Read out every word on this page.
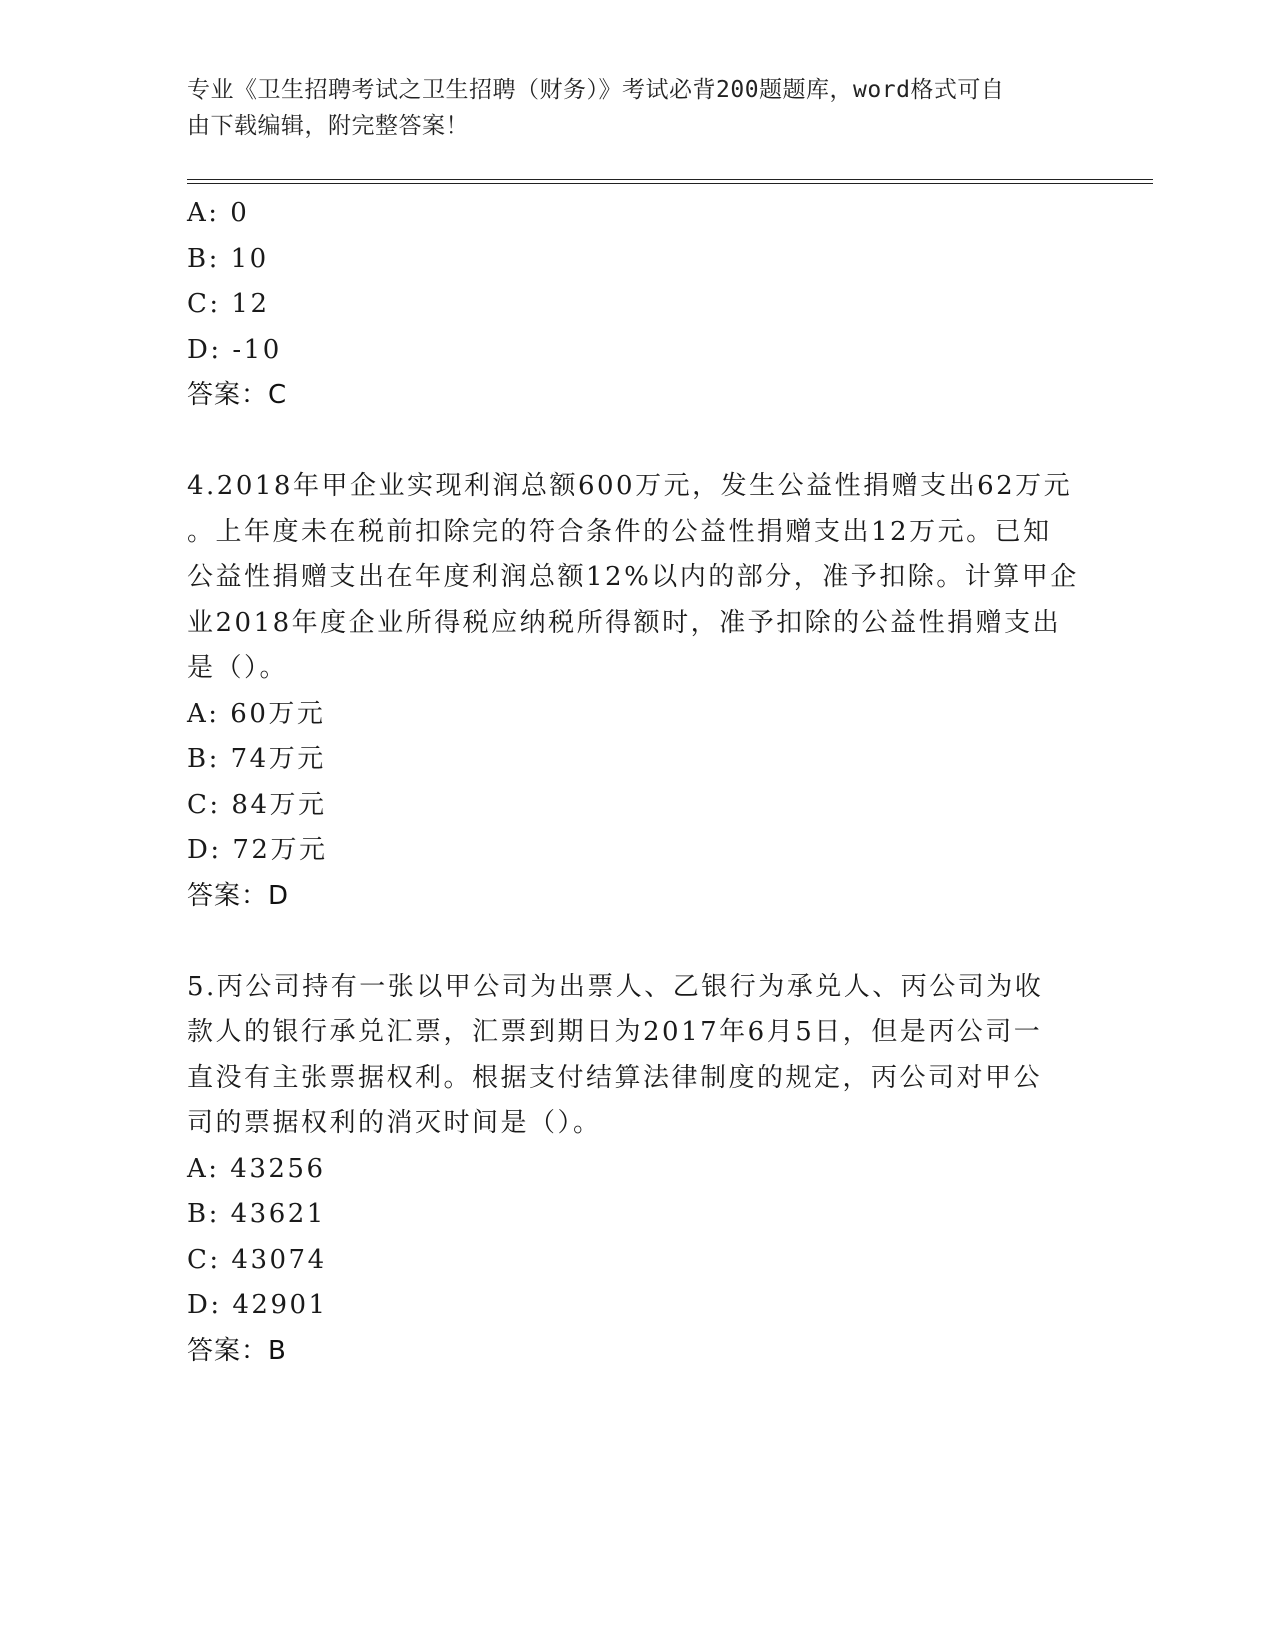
专业《卫生招聘考试之卫生招聘（财务）》考试必背200题题库，word格式可自
由下载编辑，附完整答案！
A: 0
B: 10
C: 12
D: -10
答案：C
4.2018年甲企业实现利润总额600万元，发生公益性捐赠支出62万元
。上年度未在税前扣除完的符合条件的公益性捐赠支出12万元。已知
公益性捐赠支出在年度利润总额12%以内的部分，准予扣除。计算甲企
业2018年度企业所得税应纳税所得额时，准予扣除的公益性捐赠支出
是（）。
A: 60万元
B: 74万元
C: 84万元
D: 72万元
答案：D
5.丙公司持有一张以甲公司为出票人、乙银行为承兑人、丙公司为收
款人的银行承兑汇票，汇票到期日为2017年6月5日，但是丙公司一
直没有主张票据权利。根据支付结算法律制度的规定，丙公司对甲公
司的票据权利的消灭时间是（）。
A: 43256
B: 43621
C: 43074
D: 42901
答案：B
